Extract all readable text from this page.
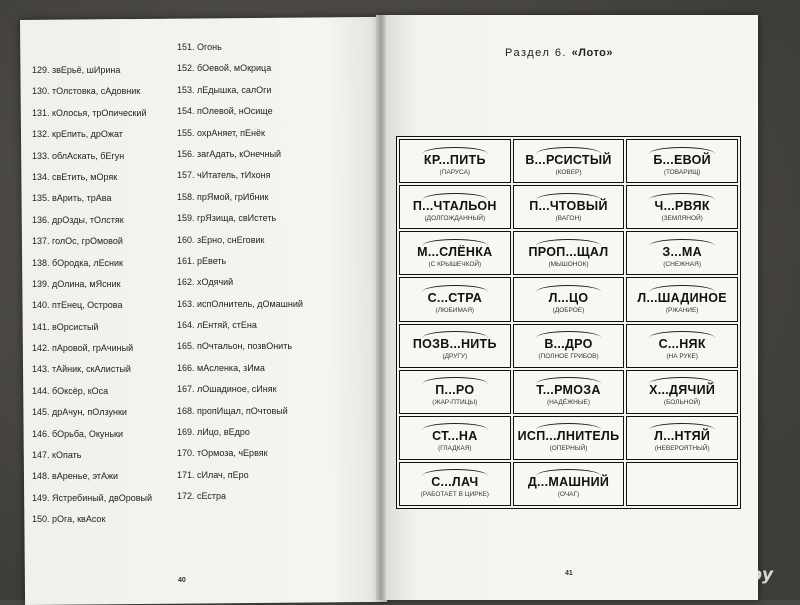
129. звЕрьё, шИрина
130. тОлстовка, сАдовник
131. кОлосья, трОпический
132. крЕпить, дрОжат
133. облАскать, бЕгун
134. свЕтить, мОряк
135. вАрить, трАва
136. дрОзды, тОлстяк
137. голОс, грОмовой
138. бОродка, лЕсник
139. дОлина, мЯсник
140. птЕнец, Острова
141. вОрсистый
142. пАровой, грАчиный
143. тАйник, скАлистый
144. бОксёр, кОса
145. дрАчун, пОлзунки
146. бОрьба, Окуньки
147. кОпать
148. вАренье, этАжи
149. Ястребиный, двОровый
150. рОга, квАсок
151. Огонь
152. бОевой, мОкрица
153. лЕдышка, салОги
154. пОлевой, нОсище
155. охрАняет, пЕнёк
156. загАдать, кОнечный
157. чИтатель, тИхоня
158. прЯмой, грИбник
159. грЯзища, свИстеть
160. зЕрно, снЕговик
161. рЕветь
162. хОдячий
163. испОлнитель, дОмашний
164. лЕнтяй, стЕна
165. пОчтальон, позвОнить
166. мАсленка, зИма
167. лОшадиное, сИняк
168. пропИщал, пОчтовый
169. лИцо, вЕдро
170. тОрмоза, чЕрвяк
171. сИлач, пЕро
172. сЕстра
40
41
Раздел 6. «Лото»
КР...ПИТЬ
(ПАРУСА)
В...РСИСТЫЙ
(КОВЕР)
Б...ЕВОЙ
(ТОВАРИЩ)
П...ЧТАЛЬОН
(ДОЛГОЖДАННЫЙ)
П...ЧТОВЫЙ
(ВАГОН)
Ч...РВЯК
(ЗЕМЛЯНОЙ)
М...СЛЁНКА
(С КРЫШЕЧКОЙ)
ПРОП...ЩАЛ
(МЫШОНОК)
З...МА
(СНЕЖНАЯ)
С...СТРА
(ЛЮБИМАЯ)
Л...ЦО
(ДОБРОЕ)
Л...ШАДИНОЕ
(РЖАНИЕ)
ПОЗВ...НИТЬ
(ДРУГУ)
В...ДРО
(ПОЛНОЕ ГРИБОВ)
С...НЯК
(НА РУКЕ)
П...РО
(ЖАР-ПТИЦЫ)
Т...РМОЗА
(НАДЁЖНЫЕ)
Х...ДЯЧИЙ
(БОЛЬНОЙ)
СТ...НА
(ГЛАДКАЯ)
ИСП...ЛНИТЕЛЬ
(ОПЕРНЫЙ)
Л...НТЯЙ
(НЕВЕРОЯТНЫЙ)
С...ЛАЧ
(РАБОТАЕТ В ЦИРКЕ)
Д...МАШНИЙ
(ОЧАГ)
лабиринт.ру
